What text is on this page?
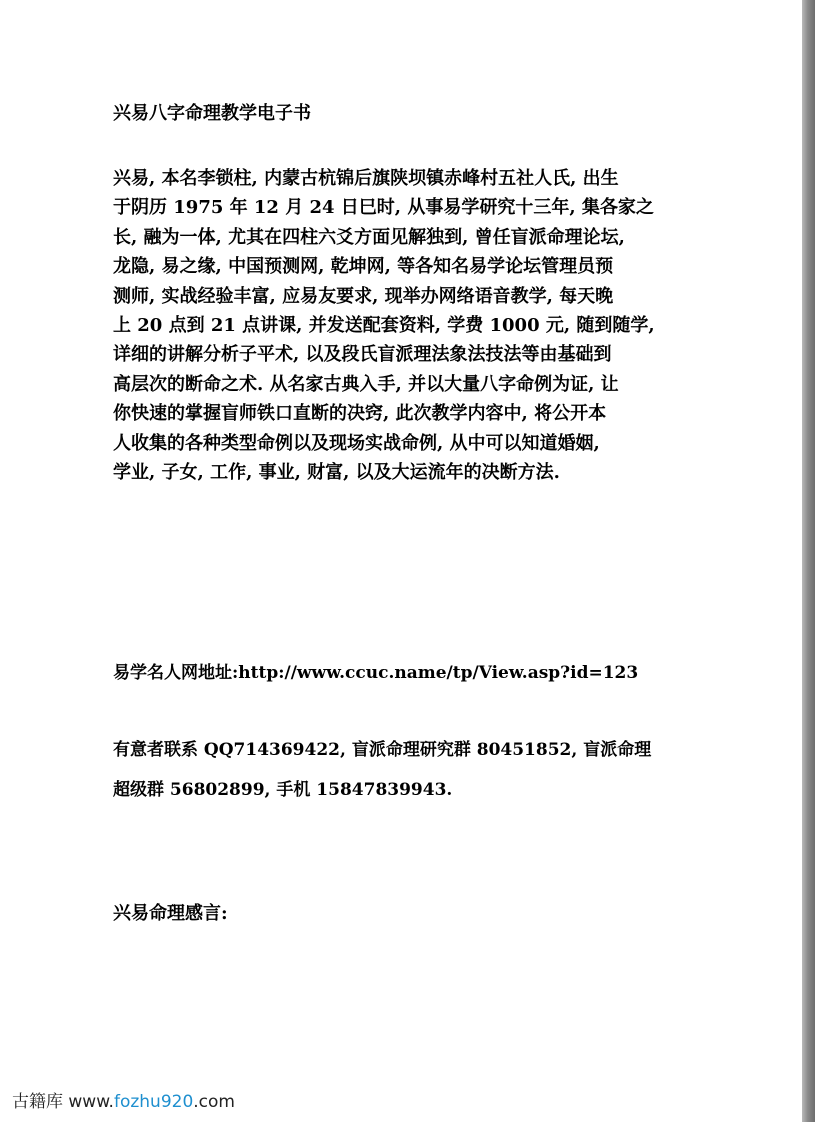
兴易八字命理教学电子书
兴易, 本名李锁柱, 内蒙古杭锦后旗陕坝镇赤峰村五社人氏, 出生
于阴历 1975 年 12 月 24 日巳时, 从事易学研究十三年, 集各家之
长, 融为一体, 尤其在四柱六爻方面见解独到, 曾任盲派命理论坛,
龙隐, 易之缘, 中国预测网, 乾坤网, 等各知名易学论坛管理员预
测师, 实战经验丰富, 应易友要求, 现举办网络语音教学, 每天晚
上 20 点到 21 点讲课, 并发送配套资料, 学费 1000 元, 随到随学,
详细的讲解分析子平术, 以及段氏盲派理法象法技法等由基础到
高层次的断命之术. 从名家古典入手, 并以大量八字命例为证, 让
你快速的掌握盲师铁口直断的决窍, 此次教学内容中, 将公开本
人收集的各种类型命例以及现场实战命例, 从中可以知道婚姻,
学业, 子女, 工作, 事业, 财富, 以及大运流年的决断方法.
易学名人网地址:http://www.ccuc.name/tp/View.asp?id=123
有意者联系 QQ714369422, 盲派命理研究群 80451852, 盲派命理
超级群 56802899, 手机 15847839943.
兴易命理感言:
古籍库 www.fozhu920.com
